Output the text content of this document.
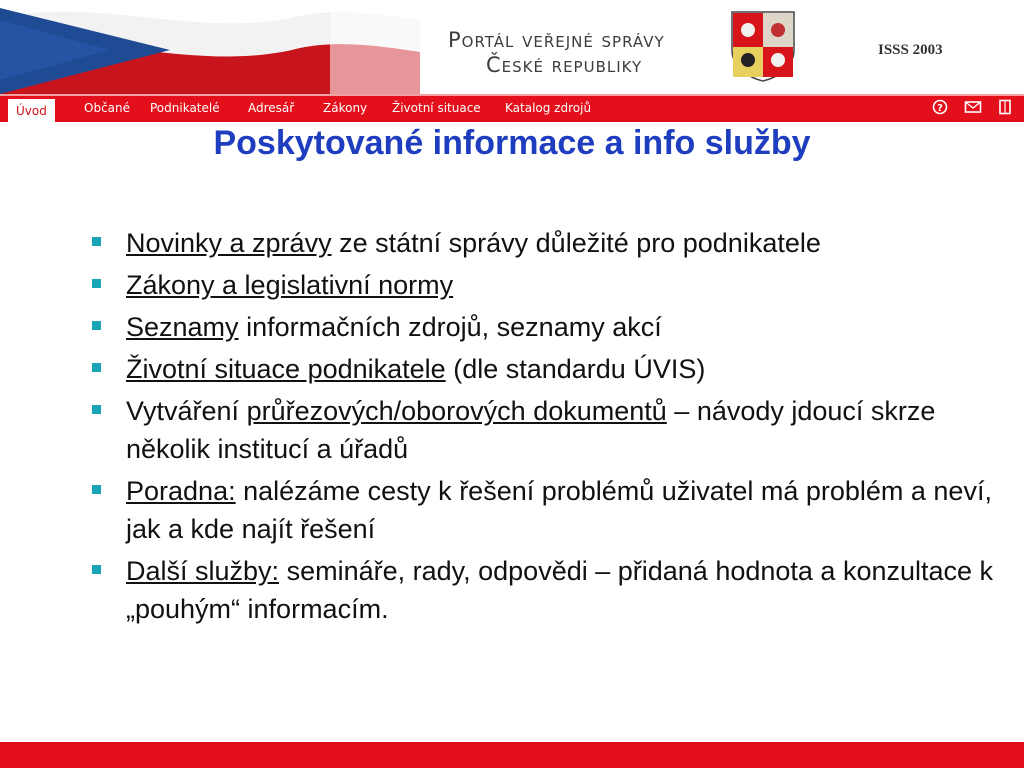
Portál veřejné správy
České republiky
ISSS 2003
Úvod	Občané Podnikatelé Adresář Zákony Životní situace Katalog zdrojů	?

Poskytované informace a info služby
Novinky a zprávy ze státní správy důležité pro podnikatele
Zákony a legislativní normy
Seznamy informačních zdrojů, seznamy akcí
Životní situace podnikatele (dle standardu ÚVIS)
Vytváření průřezových/oborových dokumentů – návody jdoucí skrze několik institucí a úřadů
Poradna: nalézáme cesty k řešení problémů uživatel má problém a neví, jak a kde najít řešení
Další služby: semináře, rady, odpovědi – přidaná hodnota a konzultace k „pouhým“ informacím.
